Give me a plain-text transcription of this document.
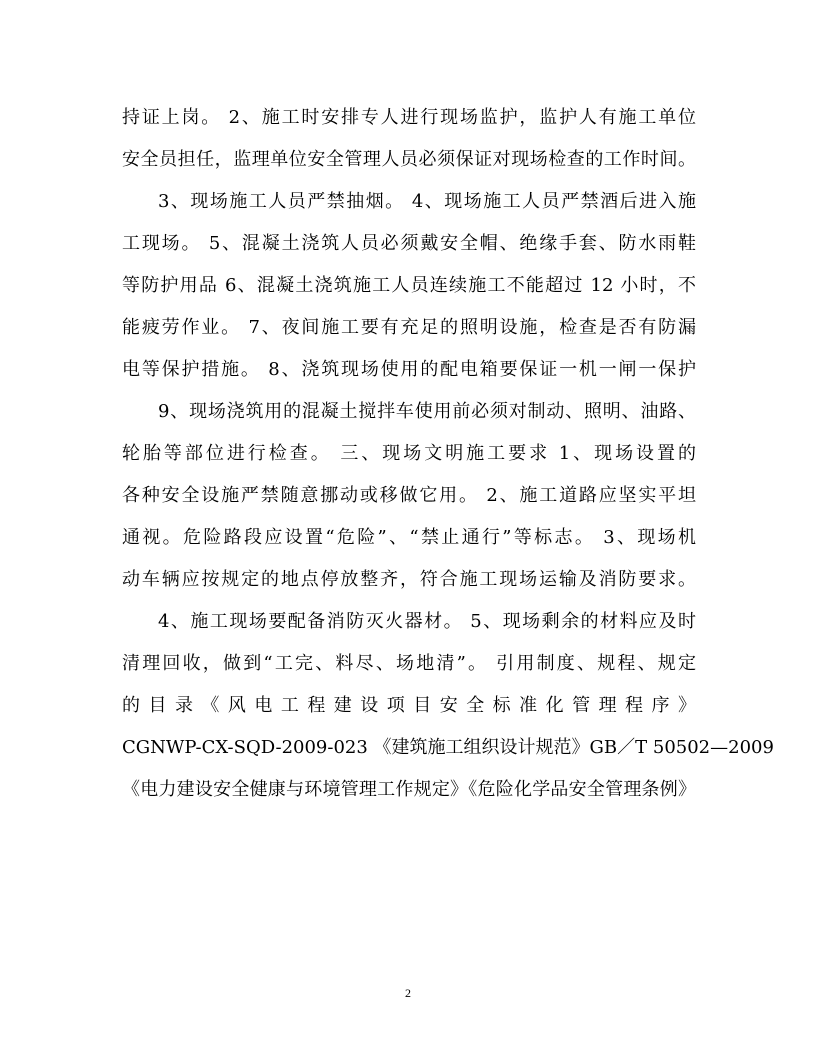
持证上岗。 2、施工时安排专人进行现场监护，监护人有施工单位
安全员担任，监理单位安全管理人员必须保证对现场检查的工作时间。
3、现场施工人员严禁抽烟。 4、现场施工人员严禁酒后进入施
工现场。 5、混凝土浇筑人员必须戴安全帽、绝缘手套、防水雨鞋
等防护用品 6、混凝土浇筑施工人员连续施工不能超过 12 小时，不
能疲劳作业。 7、夜间施工要有充足的照明设施，检查是否有防漏
电等保护措施。 8、浇筑现场使用的配电箱要保证一机一闸一保护
9、现场浇筑用的混凝土搅拌车使用前必须对制动、照明、油路、
轮胎等部位进行检查。 三、现场文明施工要求 1、现场设置的
各种安全设施严禁随意挪动或移做它用。 2、施工道路应坚实平坦
通视。危险路段应设置“危险”、“禁止通行”等标志。 3、现场机
动车辆应按规定的地点停放整齐，符合施工现场运输及消防要求。
4、施工现场要配备消防灭火器材。 5、现场剩余的材料应及时
清理回收，做到“工完、料尽、场地清”。 引用制度、规程、规定
的目录《风电工程建设项目安全标准化管理程序》
CGNWP-CX-SQD-2009-023 《建筑施工组织设计规范》GB／T 50502—2009
《电力建设安全健康与环境管理工作规定》《危险化学品安全管理条例》
2
